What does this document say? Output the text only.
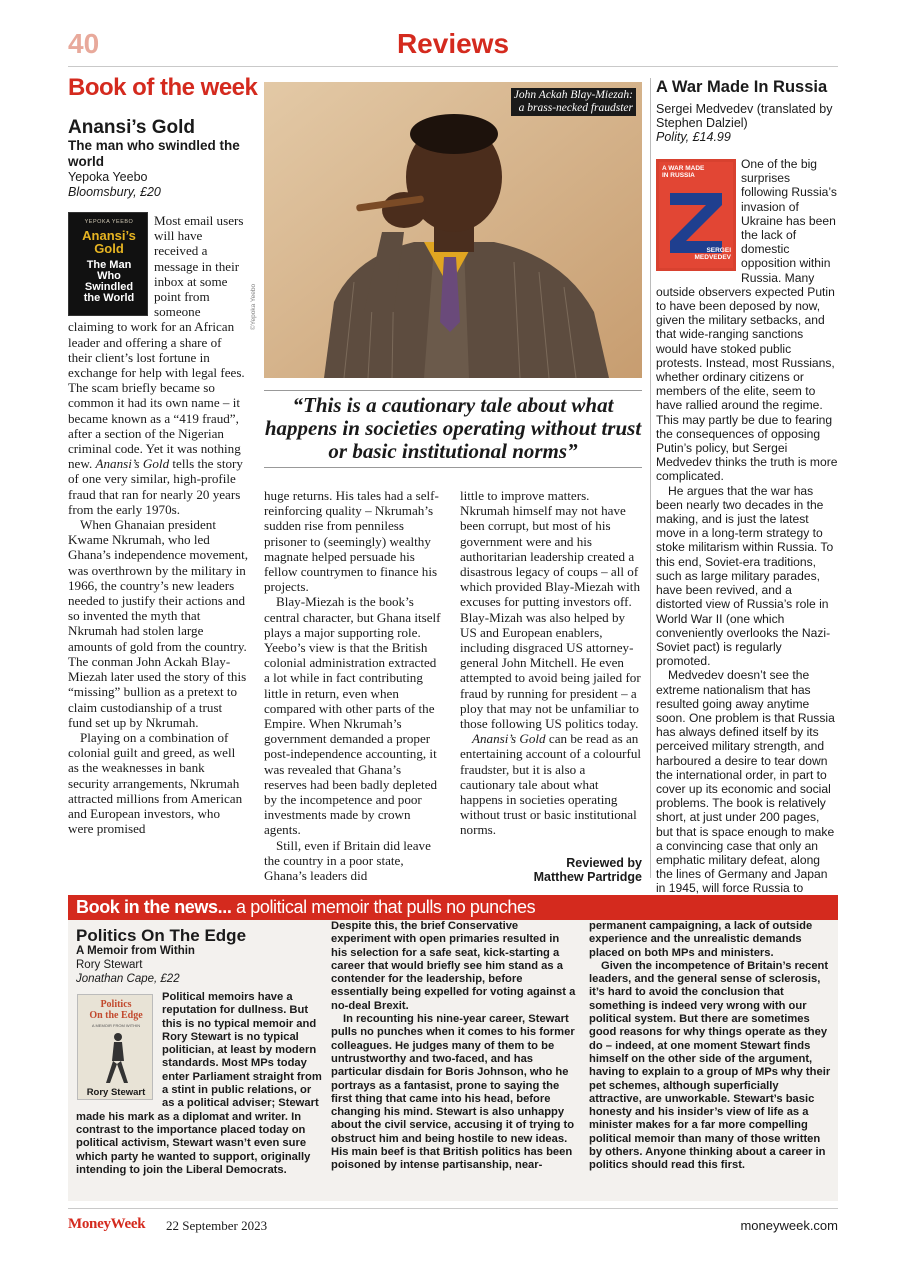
40	Reviews
Book of the week
Anansi’s Gold
The man who swindled the world
Yepoka Yeebo
Bloomsbury, £20
YEPOKA YEEBO
Anansi’s
Gold
The Man
Who
Swindled
the World

Most email users will have received a message in their inbox at some point from someone claiming to work for an African leader and offering a share of their client’s lost fortune in exchange for help with legal fees. The scam briefly became so common it had its own name – it became known as a “419 fraud”, after a section of the Nigerian criminal code. Yet it was nothing new. Anansi’s Gold tells the story of one very similar, high-profile fraud that ran for nearly 20 years from the early 1970s.

When Ghanaian president Kwame Nkrumah, who led Ghana’s independence movement, was overthrown by the military in 1966, the country’s new leaders needed to justify their actions and so invented the myth that Nkrumah had stolen large amounts of gold from the country. The conman John Ackah Blay-Miezah later used the story of this “missing” bullion as a pretext to claim custodianship of a trust fund set up by Nkrumah.

Playing on a combination of colonial guilt and greed, as well as the weaknesses in bank security arrangements, Nkrumah attracted millions from American and European investors, who were promised

John Ackah Blay-Miezah:
a brass-necked fraudster
©Yepoka Yeebo
“This is a cautionary tale about what happens in societies operating without trust or basic institutional norms”

huge returns. His tales had a self-reinforcing quality – Nkrumah’s sudden rise from penniless prisoner to (seemingly) wealthy magnate helped persuade his fellow countrymen to finance his projects.

Blay-Miezah is the book’s central character, but Ghana itself plays a major supporting role. Yeebo’s view is that the British colonial administration extracted a lot while in fact contributing little in return, even when compared with other parts of the Empire. When Nkrumah’s government demanded a proper post-independence accounting, it was revealed that Ghana’s reserves had been badly depleted by the incompetence and poor investments made by crown agents.

Still, even if Britain did leave the country in a poor state, Ghana’s leaders did

little to improve matters. Nkrumah himself may not have been corrupt, but most of his government were and his authoritarian leadership created a disastrous legacy of coups – all of which provided Blay-Miezah with excuses for putting investors off. Blay-Mizah was also helped by US and European enablers, including disgraced US attorney-general John Mitchell. He even attempted to avoid being jailed for fraud by running for president – a ploy that may not be unfamiliar to those following US politics today.

Anansi’s Gold can be read as an entertaining account of a colourful fraudster, but it is also a cautionary tale about what happens in societies operating without trust or basic institutional norms.

Reviewed by
Matthew Partridge
A War Made In Russia
Sergei Medvedev (translated by Stephen Dalziel)
Polity, £14.99
A WAR MADE
IN RUSSIA
SERGEI
MEDVEDEV

One of the big surprises following Russia’s invasion of Ukraine has been the lack of domestic opposition within Russia. Many outside observers expected Putin to have been deposed by now, given the military setbacks, and that wide-ranging sanctions would have stoked public protests. Instead, most Russians, whether ordinary citizens or members of the elite, seem to have rallied around the regime. This may partly be due to fearing the consequences of opposing Putin’s policy, but Sergei Medvedev thinks the truth is more complicated.

He argues that the war has been nearly two decades in the making, and is just the latest move in a long-term strategy to stoke militarism within Russia. To this end, Soviet-era traditions, such as large military parades, have been revived, and a distorted view of Russia’s role in World War II (one which conveniently overlooks the Nazi-Soviet pact) is regularly promoted.

Medvedev doesn’t see the extreme nationalism that has resulted going away anytime soon. One problem is that Russia has always defined itself by its perceived military strength, and harboured a desire to tear down the international order, in part to cover up its economic and social problems. The book is relatively short, at just under 200 pages, but that is space enough to make a convincing case that only an emphatic military defeat, along the lines of Germany and Japan in 1945, will force Russia to

Book in the news... a political memoir that pulls no punches
Politics On The Edge
A Memoir from Within
Rory Stewart
Jonathan Cape, £22
Politics
On the Edge
A MEMOIR FROM WITHIN
Rory Stewart

Political memoirs have a reputation for dullness. But this is no typical memoir and Rory Stewart is no typical politician, at least by modern standards. Most MPs today enter Parliament straight from a stint in public relations, or as a political adviser; Stewart made his mark as a diplomat and writer. In contrast to the importance placed today on political activism, Stewart wasn’t even sure which party he wanted to support, originally intending to join the Liberal Democrats.

Despite this, the brief Conservative experiment with open primaries resulted in his selection for a safe seat, kick-starting a career that would briefly see him stand as a contender for the leadership, before essentially being expelled for voting against a no-deal Brexit.

In recounting his nine-year career, Stewart pulls no punches when it comes to his former colleagues. He judges many of them to be untrustworthy and two-faced, and has particular disdain for Boris Johnson, who he portrays as a fantasist, prone to saying the first thing that came into his head, before changing his mind. Stewart is also unhappy about the civil service, accusing it of trying to obstruct him and being hostile to new ideas. His main beef is that British politics has been poisoned by intense partisanship, near-

permanent campaigning, a lack of outside experience and the unrealistic demands placed on both MPs and ministers.

Given the incompetence of Britain’s recent leaders, and the general sense of sclerosis, it’s hard to avoid the conclusion that something is indeed very wrong with our political system. But there are sometimes good reasons for why things operate as they do – indeed, at one moment Stewart finds himself on the other side of the argument, having to explain to a group of MPs why their pet schemes, although superficially attractive, are unworkable. Stewart’s basic honesty and his insider’s view of life as a minister makes for a far more compelling political memoir than many of those written by others. Anyone thinking about a career in politics should read this first.

MoneyWeek 22 September 2023	moneyweek.com
